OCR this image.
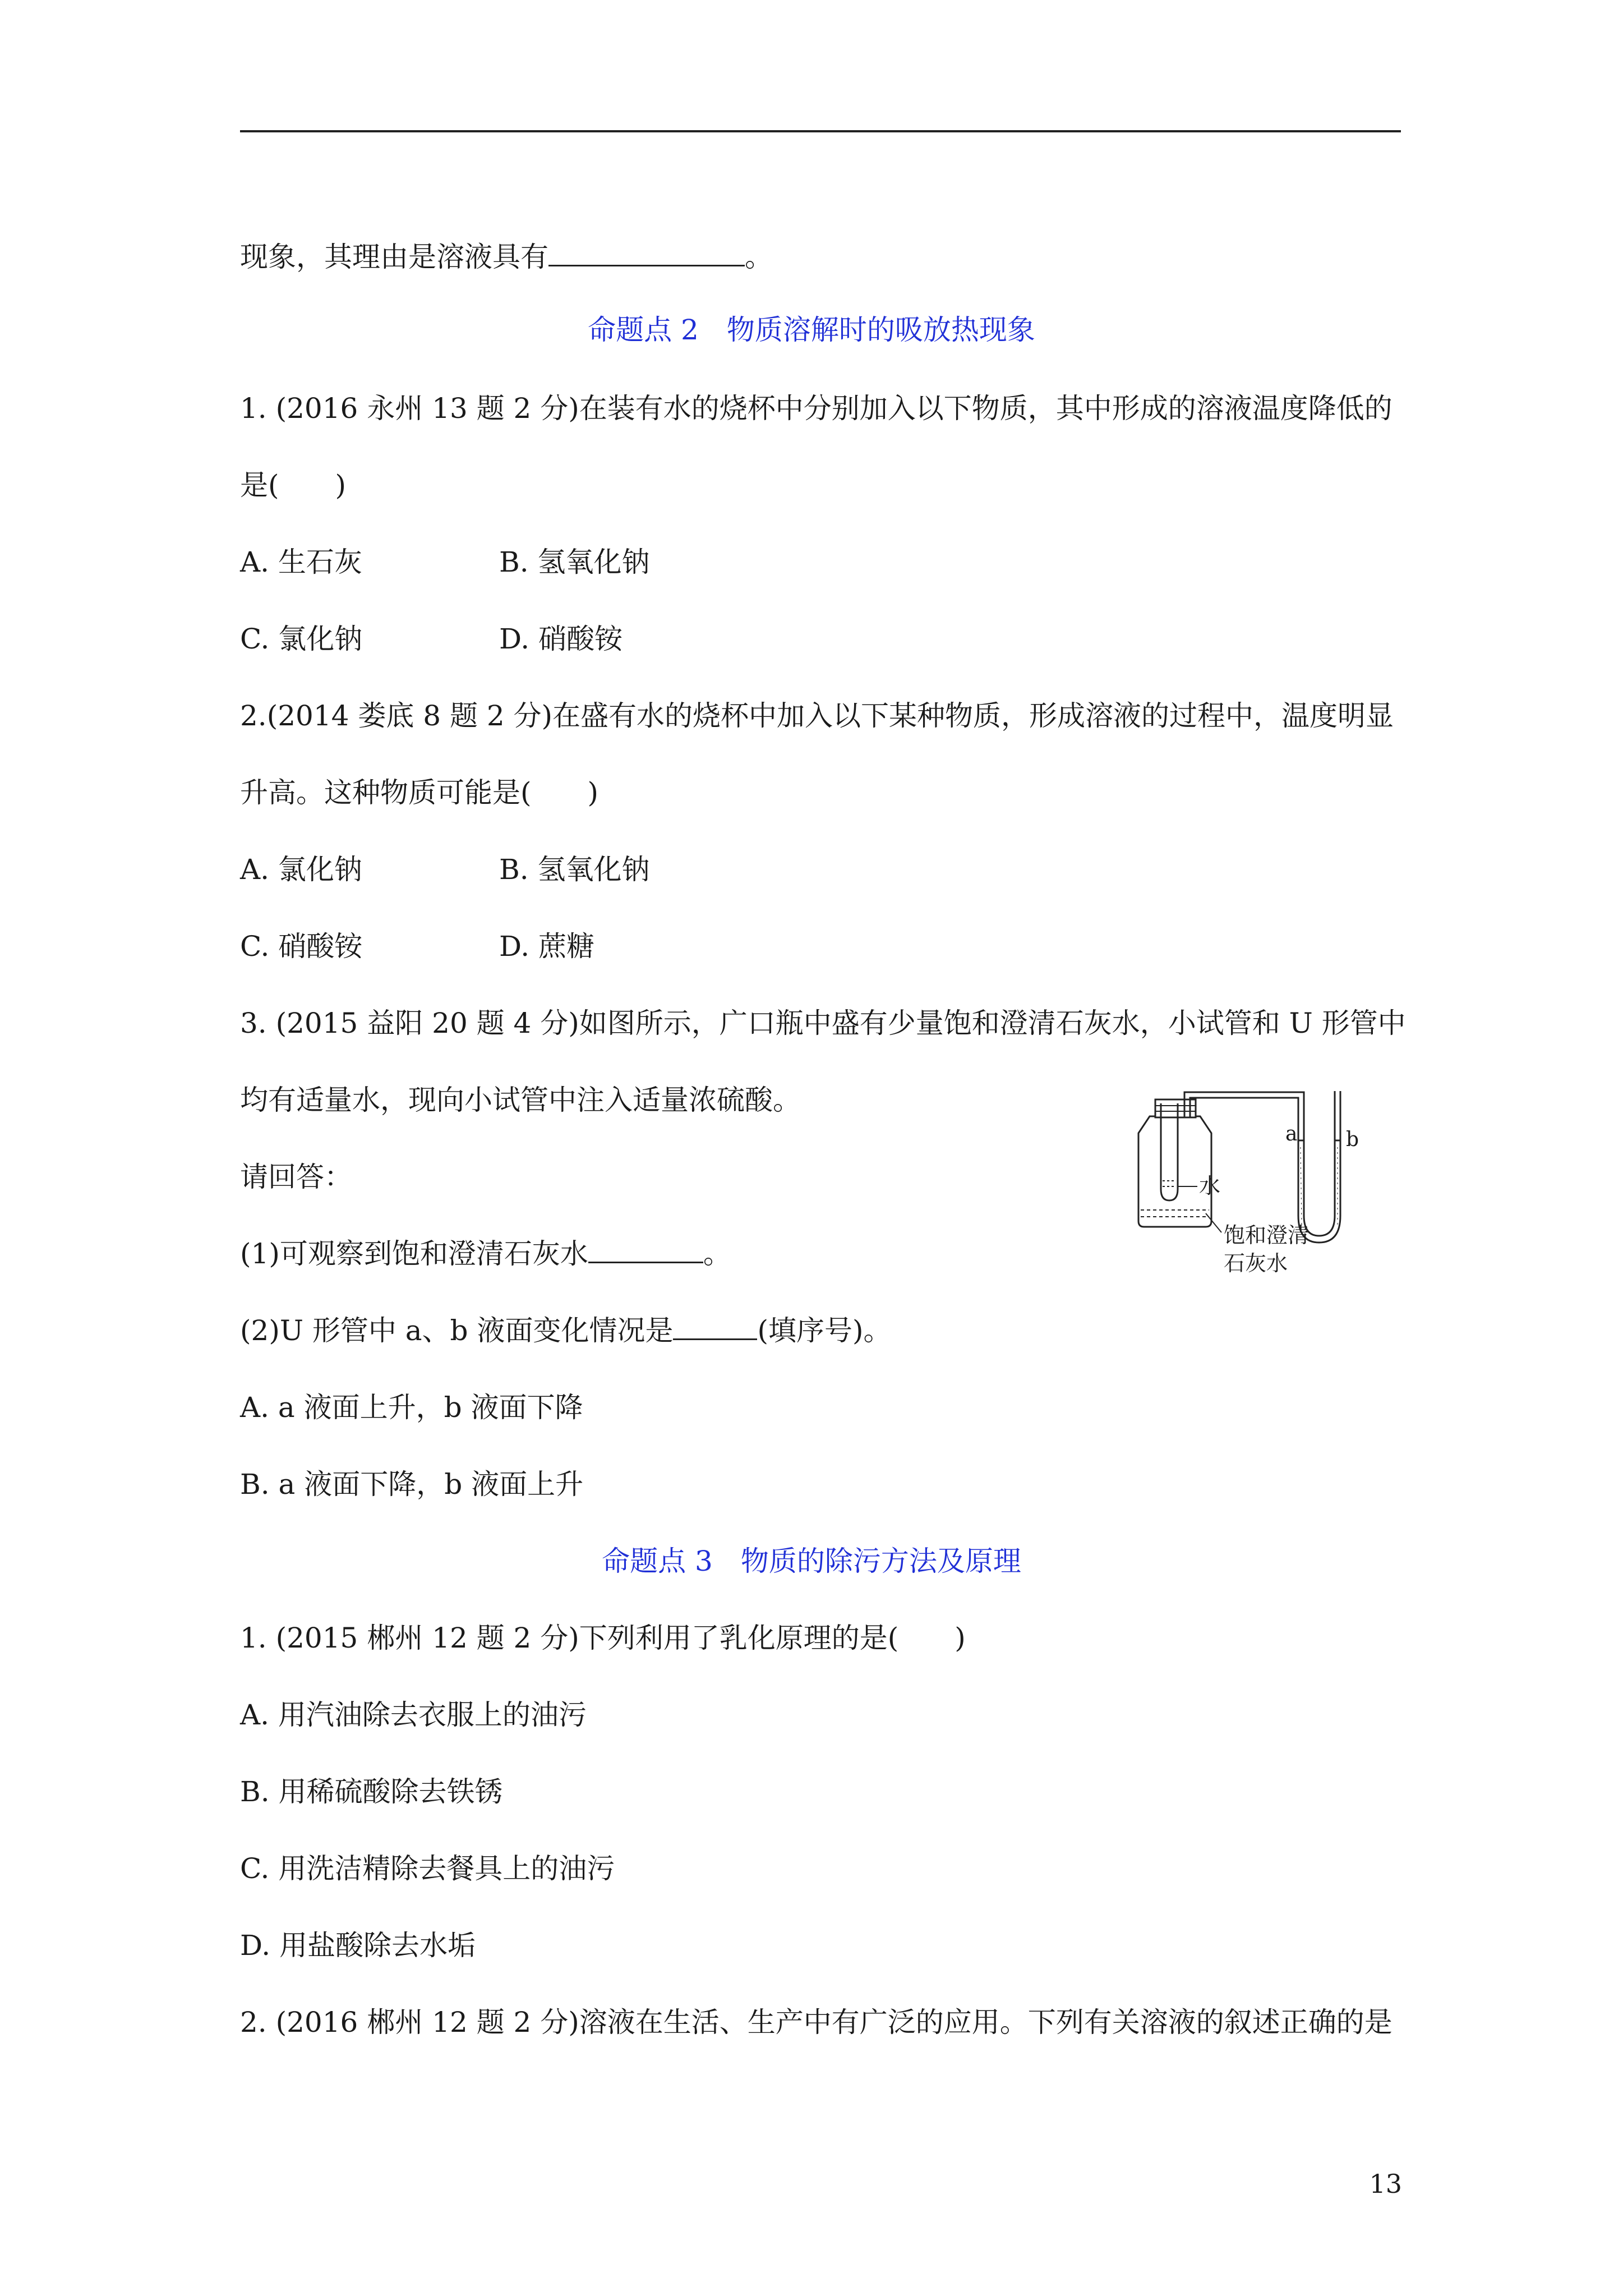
现象，其理由是溶液具有	。
命题点 2　物质溶解时的吸放热现象
1. (2016 永州 13 题 2 分)在装有水的烧杯中分别加入以下物质，其中形成的溶液温度降低的
是(　　)
A. 生石灰	B. 氢氧化钠
C. 氯化钠	D. 硝酸铵
2.(2014 娄底 8 题 2 分)在盛有水的烧杯中加入以下某种物质，形成溶液的过程中，温度明显
升高。这种物质可能是(　　)
A. 氯化钠	B. 氢氧化钠
C. 硝酸铵	D. 蔗糖
3. (2015 益阳 20 题 4 分)如图所示，广口瓶中盛有少量饱和澄清石灰水，小试管和 U 形管中
均有适量水，现向小试管中注入适量浓硫酸。
请回答：
(1)可观察到饱和澄清石灰水	。
(2)U 形管中 a、b 液面变化情况是	(填序号)。
A. a 液面上升，b 液面下降
B. a 液面下降，b 液面上升
命题点 3　物质的除污方法及原理
1. (2015 郴州 12 题 2 分)下列利用了乳化原理的是(　　)
A. 用汽油除去衣服上的油污
B. 用稀硫酸除去铁锈
C. 用洗洁精除去餐具上的油污
D. 用盐酸除去水垢
2. (2016 郴州 12 题 2 分)溶液在生活、生产中有广泛的应用。下列有关溶液的叙述正确的是
a b
水
饱和澄清
石灰水
13
